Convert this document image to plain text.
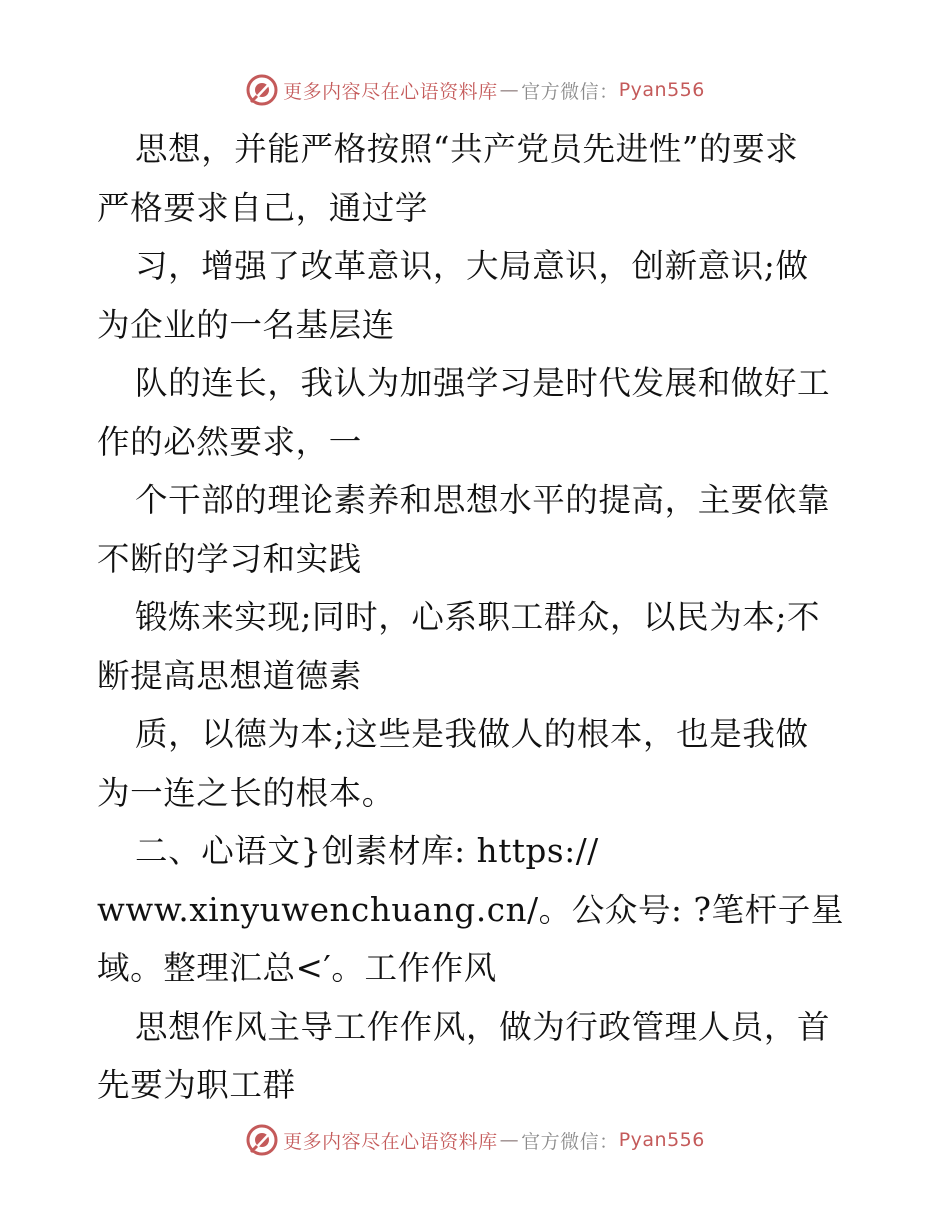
更多内容尽在心语资料库 — 官方微信： Pyan556
思想，并能严格按照“共产党员先进性”的要求
严格要求自己，通过学
习，增强了改革意识，大局意识，创新意识;做
为企业的一名基层连
队的连长，我认为加强学习是时代发展和做好工
作的必然要求，一
个干部的理论素养和思想水平的提高，主要依靠
不断的学习和实践
锻炼来实现;同时，心系职工群众，以民为本;不
断提高思想道德素
质，以德为本;这些是我做人的根本，也是我做
为一连之长的根本。
二、心语文}创素材库: https://
www.xinyuwenchuang.cn/。公众号: ?笔杆子星
域。整理汇总<′。工作作风
思想作风主导工作作风，做为行政管理人员，首
先要为职工群
更多内容尽在心语资料库 — 官方微信： Pyan556
